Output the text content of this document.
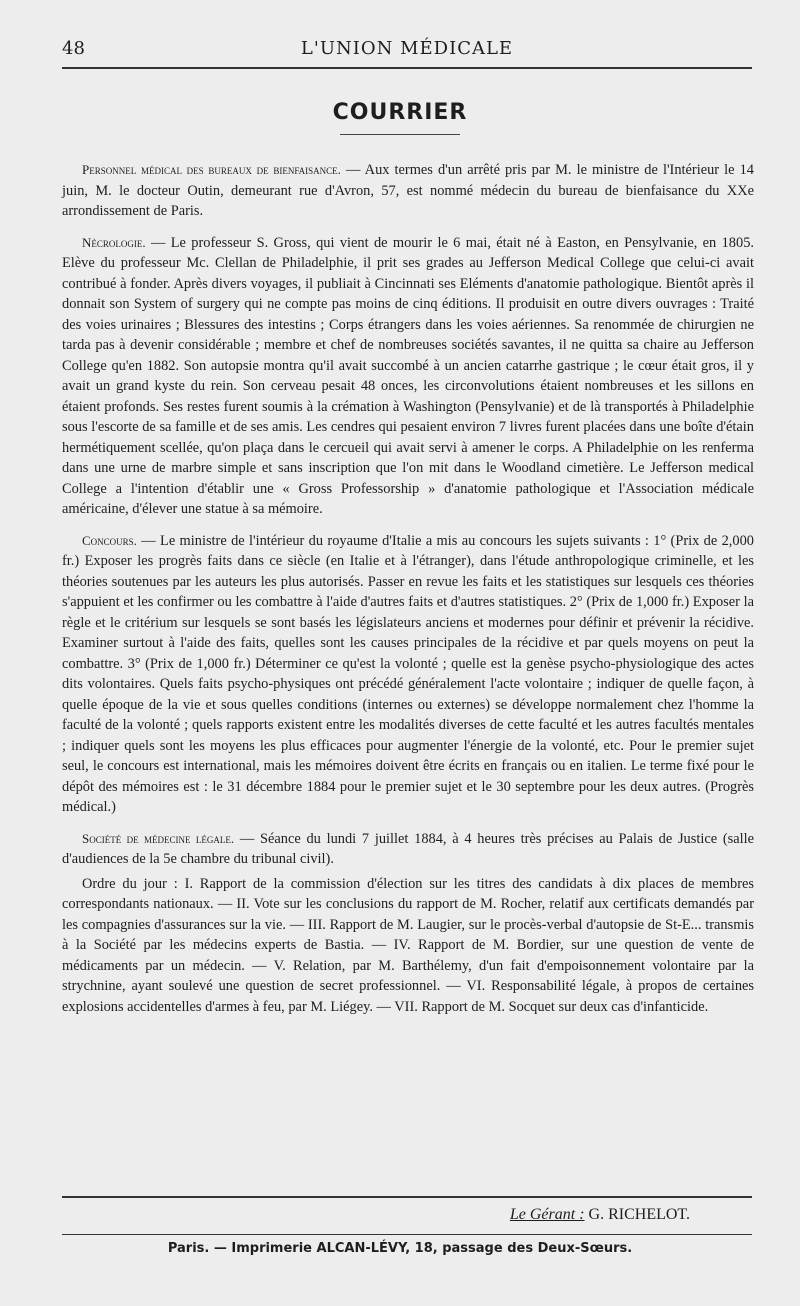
48	L'UNION MÉDICALE
COURRIER

Personnel médical des bureaux de bienfaisance. — Aux termes d'un arrêté pris par M. le ministre de l'Intérieur le 14 juin, M. le docteur Outin, demeurant rue d'Avron, 57, est nommé médecin du bureau de bienfaisance du XXe arrondissement de Paris.

Nécrologie. — Le professeur S. Gross, qui vient de mourir le 6 mai, était né à Easton, en Pensylvanie, en 1805. Elève du professeur Mc. Clellan de Philadelphie, il prit ses grades au Jefferson Medical College que celui-ci avait contribué à fonder. Après divers voyages, il publiait à Cincinnati ses Eléments d'anatomie pathologique. Bientôt après il donnait son System of surgery qui ne compte pas moins de cinq éditions. Il produisit en outre divers ouvrages : Traité des voies urinaires ; Blessures des intestins ; Corps étrangers dans les voies aériennes. Sa renommée de chirurgien ne tarda pas à devenir considérable ; membre et chef de nombreuses sociétés savantes, il ne quitta sa chaire au Jefferson College qu'en 1882. Son autopsie montra qu'il avait succombé à un ancien catarrhe gastrique ; le cœur était gros, il y avait un grand kyste du rein. Son cerveau pesait 48 onces, les circonvolutions étaient nombreuses et les sillons en étaient profonds. Ses restes furent soumis à la crémation à Washington (Pensylvanie) et de là transportés à Philadelphie sous l'escorte de sa famille et de ses amis. Les cendres qui pesaient environ 7 livres furent placées dans une boîte d'étain hermétiquement scellée, qu'on plaça dans le cercueil qui avait servi à amener le corps. A Philadelphie on les renferma dans une urne de marbre simple et sans inscription que l'on mit dans le Woodland cimetière. Le Jefferson medical College a l'intention d'établir une « Gross Professorship » d'anatomie pathologique et l'Association médicale américaine, d'élever une statue à sa mémoire.

Concours. — Le ministre de l'intérieur du royaume d'Italie a mis au concours les sujets suivants : 1° (Prix de 2,000 fr.) Exposer les progrès faits dans ce siècle (en Italie et à l'étranger), dans l'étude anthropologique criminelle, et les théories soutenues par les auteurs les plus autorisés. Passer en revue les faits et les statistiques sur lesquels ces théories s'appuient et les confirmer ou les combattre à l'aide d'autres faits et d'autres statistiques. 2° (Prix de 1,000 fr.) Exposer la règle et le critérium sur lesquels se sont basés les législateurs anciens et modernes pour définir et prévenir la récidive. Examiner surtout à l'aide des faits, quelles sont les causes principales de la récidive et par quels moyens on peut la combattre. 3° (Prix de 1,000 fr.) Déterminer ce qu'est la volonté ; quelle est la genèse psycho-physiologique des actes dits volontaires. Quels faits psycho-physiques ont précédé généralement l'acte volontaire ; indiquer de quelle façon, à quelle époque de la vie et sous quelles conditions (internes ou externes) se développe normalement chez l'homme la faculté de la volonté ; quels rapports existent entre les modalités diverses de cette faculté et les autres facultés mentales ; indiquer quels sont les moyens les plus efficaces pour augmenter l'énergie de la volonté, etc. Pour le premier sujet seul, le concours est international, mais les mémoires doivent être écrits en français ou en italien. Le terme fixé pour le dépôt des mémoires est : le 31 décembre 1884 pour le premier sujet et le 30 septembre pour les deux autres. (Progrès médical.)

Société de médecine légale. — Séance du lundi 7 juillet 1884, à 4 heures très précises au Palais de Justice (salle d'audiences de la 5e chambre du tribunal civil).

Ordre du jour : I. Rapport de la commission d'élection sur les titres des candidats à dix places de membres correspondants nationaux. — II. Vote sur les conclusions du rapport de M. Rocher, relatif aux certificats demandés par les compagnies d'assurances sur la vie. — III. Rapport de M. Laugier, sur le procès-verbal d'autopsie de St-E... transmis à la Société par les médecins experts de Bastia. — IV. Rapport de M. Bordier, sur une question de vente de médicaments par un médecin. — V. Relation, par M. Barthélemy, d'un fait d'empoisonnement volontaire par la strychnine, ayant soulevé une question de secret professionnel. — VI. Responsabilité légale, à propos de certaines explosions accidentelles d'armes à feu, par M. Liégey. — VII. Rapport de M. Socquet sur deux cas d'infanticide.

Le Gérant : G. RICHELOT.
Paris. — Imprimerie ALCAN-LÉVY, 18, passage des Deux-Sœurs.
